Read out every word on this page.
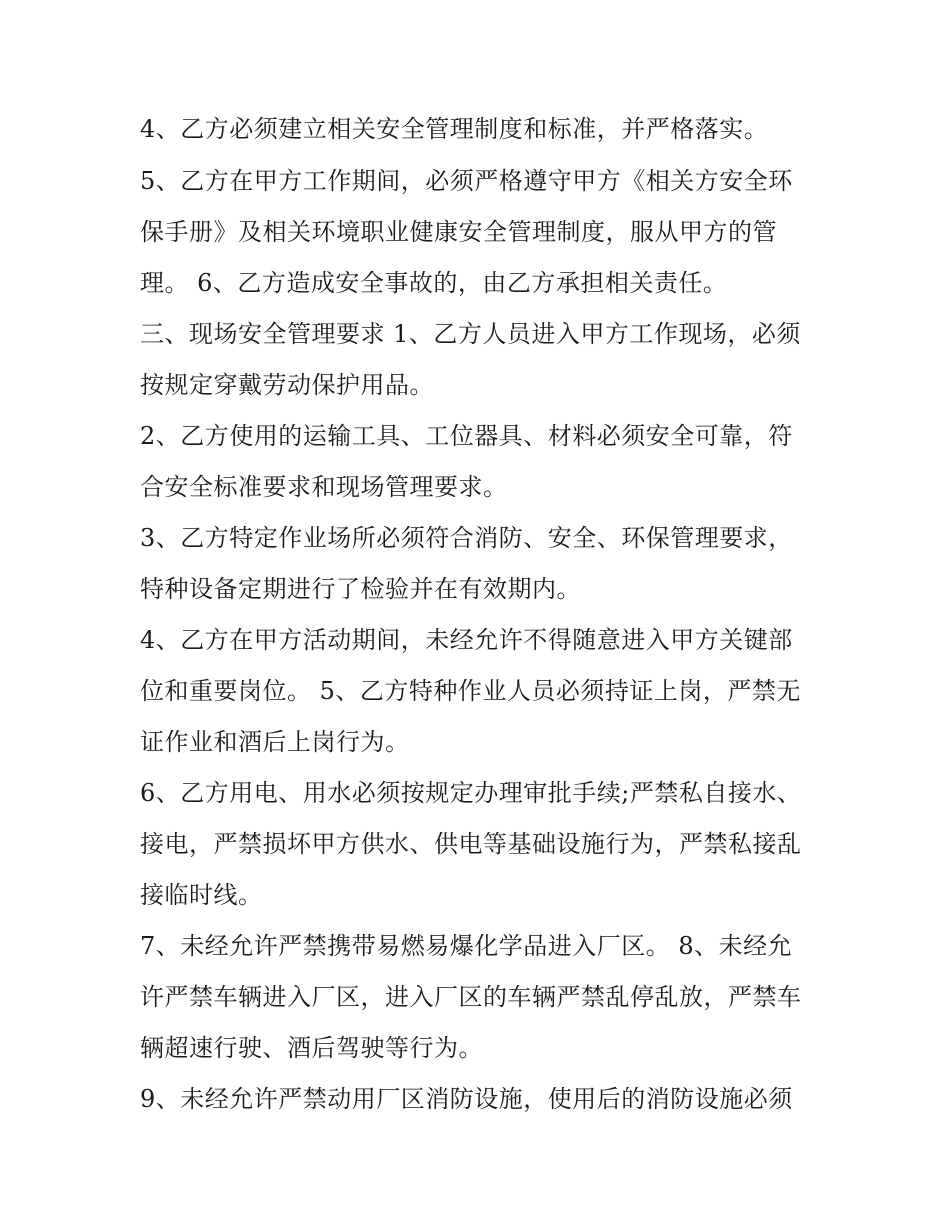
4、乙方必须建立相关安全管理制度和标准，并严格落实。
5、乙方在甲方工作期间，必须严格遵守甲方《相关方安全环
保手册》及相关环境职业健康安全管理制度，服从甲方的管
理。 6、乙方造成安全事故的，由乙方承担相关责任。
三、现场安全管理要求 1、乙方人员进入甲方工作现场，必须
按规定穿戴劳动保护用品。
2、乙方使用的运输工具、工位器具、材料必须安全可靠，符
合安全标准要求和现场管理要求。
3、乙方特定作业场所必须符合消防、安全、环保管理要求，
特种设备定期进行了检验并在有效期内。
4、乙方在甲方活动期间，未经允许不得随意进入甲方关键部
位和重要岗位。 5、乙方特种作业人员必须持证上岗，严禁无
证作业和酒后上岗行为。
6、乙方用电、用水必须按规定办理审批手续;严禁私自接水、
接电，严禁损坏甲方供水、供电等基础设施行为，严禁私接乱
接临时线。
7、未经允许严禁携带易燃易爆化学品进入厂区。 8、未经允
许严禁车辆进入厂区，进入厂区的车辆严禁乱停乱放，严禁车
辆超速行驶、酒后驾驶等行为。
9、未经允许严禁动用厂区消防设施，使用后的消防设施必须
